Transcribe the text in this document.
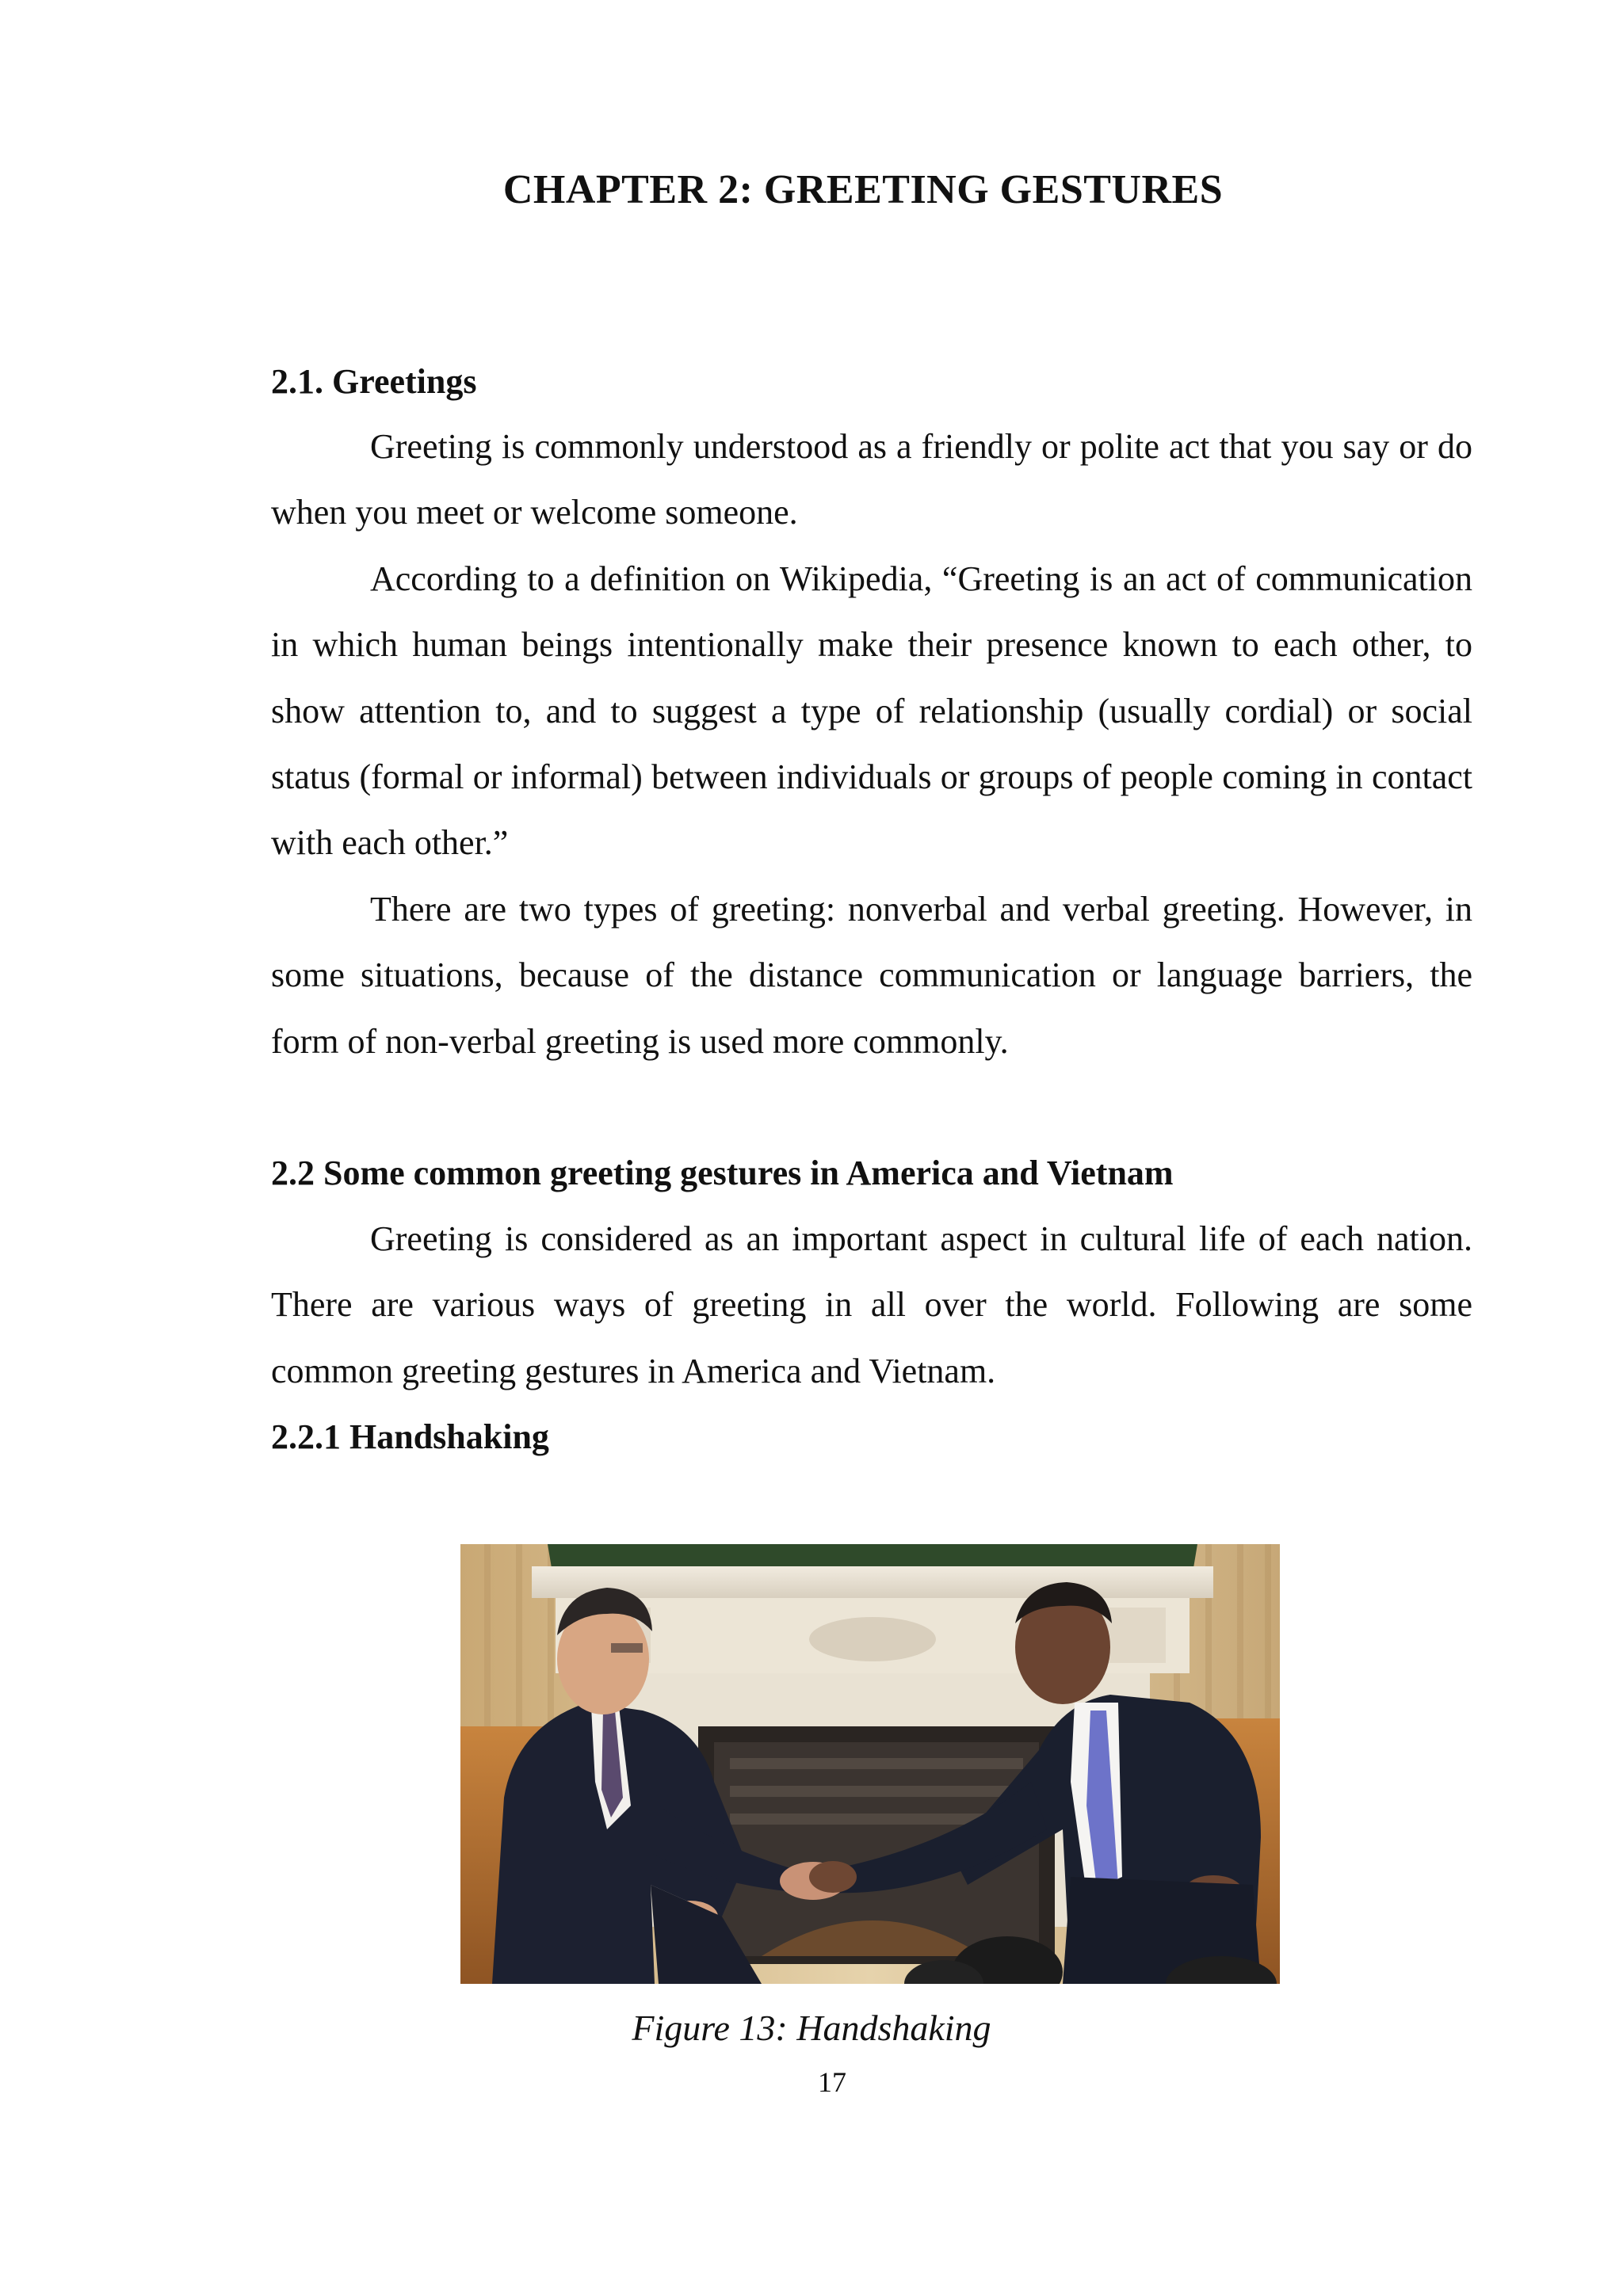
CHAPTER 2: GREETING GESTURES
2.1. Greetings

Greeting is commonly understood as a friendly or polite act that you say or do when you meet or welcome someone.

According to a definition on Wikipedia, “Greeting is an act of communication in which human beings intentionally make their presence known to each other, to show attention to, and to suggest a type of relationship (usually cordial) or social status (formal or informal) between individuals or groups of people coming in contact with each other.”

There are two types of greeting: nonverbal and verbal greeting. However, in some situations, because of the distance communication or language barriers, the form of non-verbal greeting is used more commonly.

2.2 Some common greeting gestures in America and Vietnam

Greeting is considered as an important aspect in cultural life of each nation. There are various ways of greeting in all over the world. Following are some common greeting gestures in America and Vietnam.

2.2.1 Handshaking
Figure 13: Handshaking
17
